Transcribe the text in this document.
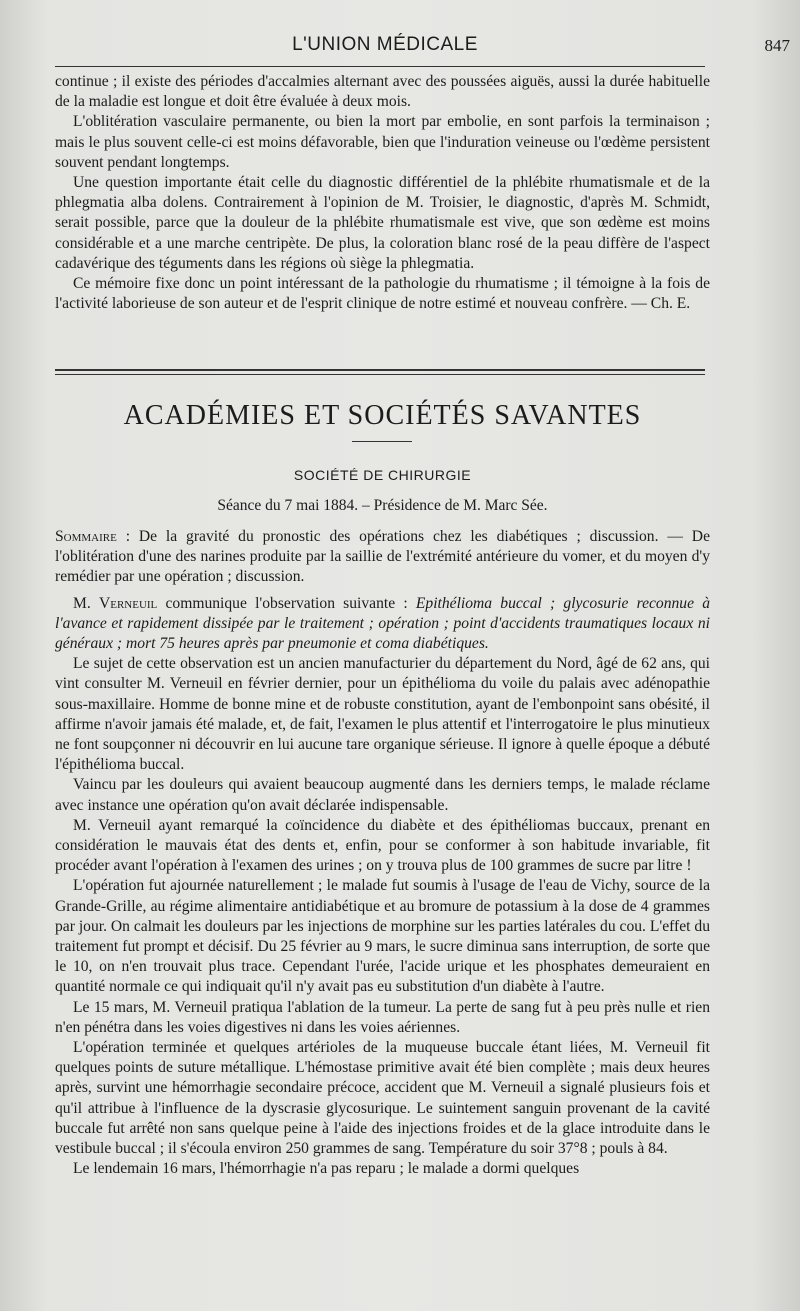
L'UNION MÉDICALE	847

continue ; il existe des périodes d'accalmies alternant avec des poussées aiguës, aussi la durée habituelle de la maladie est longue et doit être évaluée à deux mois.

L'oblitération vasculaire permanente, ou bien la mort par embolie, en sont parfois la terminaison ; mais le plus souvent celle-ci est moins défavorable, bien que l'induration veineuse ou l'œdème persistent souvent pendant longtemps.

Une question importante était celle du diagnostic différentiel de la phlébite rhumatismale et de la phlegmatia alba dolens. Contrairement à l'opinion de M. Troisier, le diagnostic, d'après M. Schmidt, serait possible, parce que la douleur de la phlébite rhumatismale est vive, que son œdème est moins considérable et a une marche centripète. De plus, la coloration blanc rosé de la peau diffère de l'aspect cadavérique des téguments dans les régions où siège la phlegmatia.

Ce mémoire fixe donc un point intéressant de la pathologie du rhumatisme ; il témoigne à la fois de l'activité laborieuse de son auteur et de l'esprit clinique de notre estimé et nouveau confrère. — Ch. E.

ACADÉMIES ET SOCIÉTÉS SAVANTES
SOCIÉTÉ DE CHIRURGIE
Séance du 7 mai 1884. – Présidence de M. Marc Sée.

Sommaire : De la gravité du pronostic des opérations chez les diabétiques ; discussion. — De l'oblitération d'une des narines produite par la saillie de l'extrémité antérieure du vomer, et du moyen d'y remédier par une opération ; discussion.

M. Verneuil communique l'observation suivante : Epithélioma buccal ; glycosurie reconnue à l'avance et rapidement dissipée par le traitement ; opération ; point d'accidents traumatiques locaux ni généraux ; mort 75 heures après par pneumonie et coma diabétiques.

Le sujet de cette observation est un ancien manufacturier du département du Nord, âgé de 62 ans, qui vint consulter M. Verneuil en février dernier, pour un épithélioma du voile du palais avec adénopathie sous-maxillaire. Homme de bonne mine et de robuste constitution, ayant de l'embonpoint sans obésité, il affirme n'avoir jamais été malade, et, de fait, l'examen le plus attentif et l'interrogatoire le plus minutieux ne font soupçonner ni découvrir en lui aucune tare organique sérieuse. Il ignore à quelle époque a débuté l'épithélioma buccal.

Vaincu par les douleurs qui avaient beaucoup augmenté dans les derniers temps, le malade réclame avec instance une opération qu'on avait déclarée indispensable.

M. Verneuil ayant remarqué la coïncidence du diabète et des épithéliomas buccaux, prenant en considération le mauvais état des dents et, enfin, pour se conformer à son habitude invariable, fit procéder avant l'opération à l'examen des urines ; on y trouva plus de 100 grammes de sucre par litre !

L'opération fut ajournée naturellement ; le malade fut soumis à l'usage de l'eau de Vichy, source de la Grande-Grille, au régime alimentaire antidiabétique et au bromure de potassium à la dose de 4 grammes par jour. On calmait les douleurs par les injections de morphine sur les parties latérales du cou. L'effet du traitement fut prompt et décisif. Du 25 février au 9 mars, le sucre diminua sans interruption, de sorte que le 10, on n'en trouvait plus trace. Cependant l'urée, l'acide urique et les phosphates demeuraient en quantité normale ce qui indiquait qu'il n'y avait pas eu substitution d'un diabète à l'autre.

Le 15 mars, M. Verneuil pratiqua l'ablation de la tumeur. La perte de sang fut à peu près nulle et rien n'en pénétra dans les voies digestives ni dans les voies aériennes.

L'opération terminée et quelques artérioles de la muqueuse buccale étant liées, M. Verneuil fit quelques points de suture métallique. L'hémostase primitive avait été bien complète ; mais deux heures après, survint une hémorrhagie secondaire précoce, accident que M. Verneuil a signalé plusieurs fois et qu'il attribue à l'influence de la dyscrasie glycosurique. Le suintement sanguin provenant de la cavité buccale fut arrêté non sans quelque peine à l'aide des injections froides et de la glace introduite dans le vestibule buccal ; il s'écoula environ 250 grammes de sang. Température du soir 37°8 ; pouls à 84.

Le lendemain 16 mars, l'hémorrhagie n'a pas reparu ; le malade a dormi quelques
